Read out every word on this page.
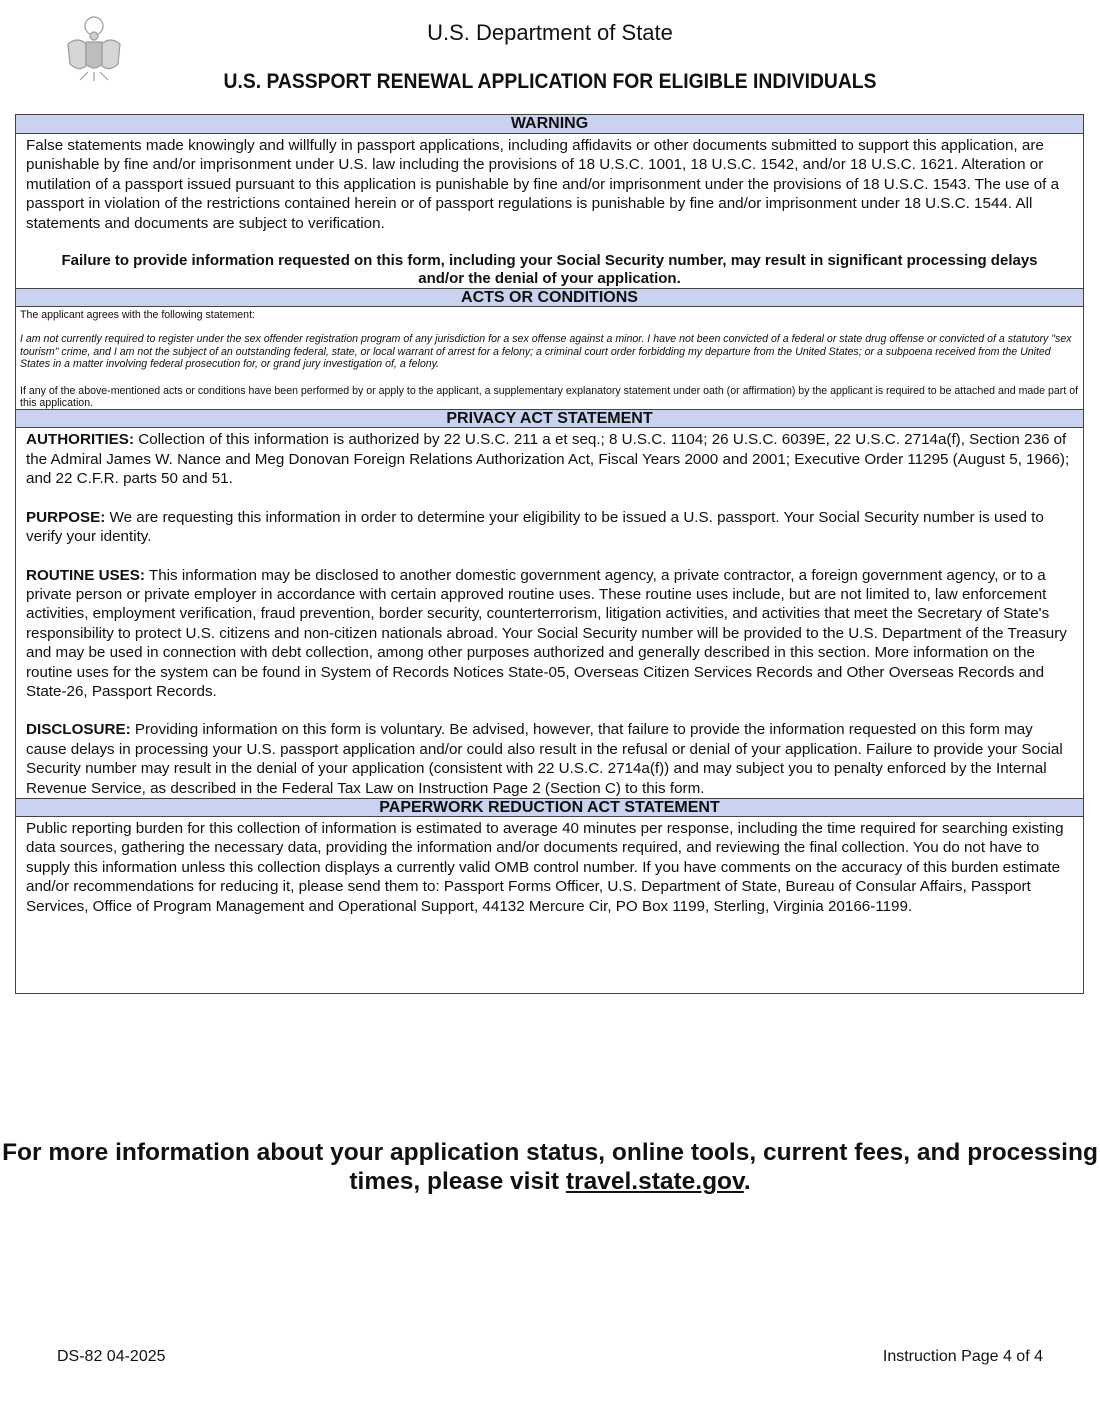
U.S. Department of State
U.S. PASSPORT RENEWAL APPLICATION FOR ELIGIBLE INDIVIDUALS
WARNING

False statements made knowingly and willfully in passport applications, including affidavits or other documents submitted to support this application, are punishable by fine and/or imprisonment under U.S. law including the provisions of 18 U.S.C. 1001, 18 U.S.C. 1542, and/or 18 U.S.C. 1621. Alteration or mutilation of a passport issued pursuant to this application is punishable by fine and/or imprisonment under the provisions of 18 U.S.C. 1543. The use of a passport in violation of the restrictions contained herein or of passport regulations is punishable by fine and/or imprisonment under 18 U.S.C. 1544. All statements and documents are subject to verification.

Failure to provide information requested on this form, including your Social Security number, may result in significant processing delays and/or the denial of your application.
ACTS OR CONDITIONS

The applicant agrees with the following statement:

I am not currently required to register under the sex offender registration program of any jurisdiction for a sex offense against a minor. I have not been convicted of a federal or state drug offense or convicted of a statutory "sex tourism" crime, and I am not the subject of an outstanding federal, state, or local warrant of arrest for a felony; a criminal court order forbidding my departure from the United States; or a subpoena received from the United States in a matter involving federal prosecution for, or grand jury investigation of, a felony.

If any of the above-mentioned acts or conditions have been performed by or apply to the applicant, a supplementary explanatory statement under oath (or affirmation) by the applicant is required to be attached and made part of this application.

PRIVACY ACT STATEMENT

AUTHORITIES: Collection of this information is authorized by 22 U.S.C. 211 a et seq.; 8 U.S.C. 1104; 26 U.S.C. 6039E, 22 U.S.C. 2714a(f), Section 236 of the Admiral James W. Nance and Meg Donovan Foreign Relations Authorization Act, Fiscal Years 2000 and 2001; Executive Order 11295 (August 5, 1966); and 22 C.F.R. parts 50 and 51.

PURPOSE: We are requesting this information in order to determine your eligibility to be issued a U.S. passport. Your Social Security number is used to verify your identity.

ROUTINE USES: This information may be disclosed to another domestic government agency, a private contractor, a foreign government agency, or to a private person or private employer in accordance with certain approved routine uses. These routine uses include, but are not limited to, law enforcement activities, employment verification, fraud prevention, border security, counterterrorism, litigation activities, and activities that meet the Secretary of State's responsibility to protect U.S. citizens and non-citizen nationals abroad. Your Social Security number will be provided to the U.S. Department of the Treasury and may be used in connection with debt collection, among other purposes authorized and generally described in this section. More information on the routine uses for the system can be found in System of Records Notices State-05, Overseas Citizen Services Records and Other Overseas Records and State-26, Passport Records.

DISCLOSURE: Providing information on this form is voluntary. Be advised, however, that failure to provide the information requested on this form may cause delays in processing your U.S. passport application and/or could also result in the refusal or denial of your application. Failure to provide your Social Security number may result in the denial of your application (consistent with 22 U.S.C. 2714a(f)) and may subject you to penalty enforced by the Internal Revenue Service, as described in the Federal Tax Law on Instruction Page 2 (Section C) to this form.

PAPERWORK REDUCTION ACT STATEMENT

Public reporting burden for this collection of information is estimated to average 40 minutes per response, including the time required for searching existing data sources, gathering the necessary data, providing the information and/or documents required, and reviewing the final collection. You do not have to supply this information unless this collection displays a currently valid OMB control number. If you have comments on the accuracy of this burden estimate and/or recommendations for reducing it, please send them to: Passport Forms Officer, U.S. Department of State, Bureau of Consular Affairs, Passport Services, Office of Program Management and Operational Support, 44132 Mercure Cir, PO Box 1199, Sterling, Virginia 20166-1199.

For more information about your application status, online tools, current fees, and processing times, please visit travel.state.gov.
DS-82 04-2025	Instruction Page 4 of 4
